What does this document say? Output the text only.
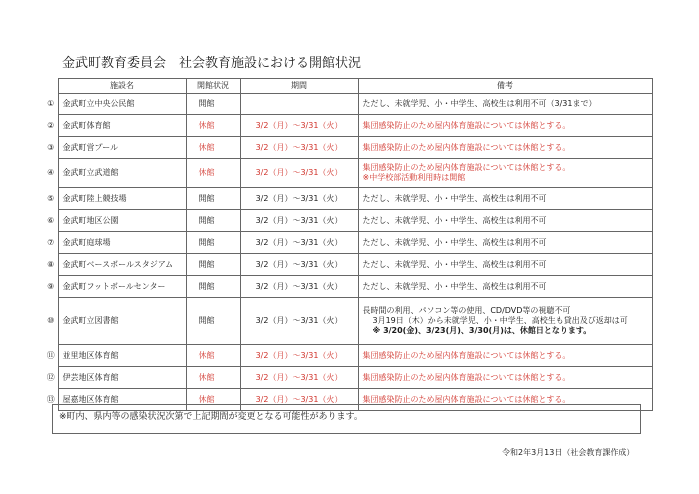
金武町教育委員会　社会教育施設における開館状況
	施設名	開館状況	期間	備考
①	金武町立中央公民館	開館		ただし、未就学児、小・中学生、高校生は利用不可（3/31まで）

②	金武町体育館	休館	3/2（月）～3/31（火）	集団感染防止のため屋内体育施設については休館とする。

③	金武町営プール	休館	3/2（月）～3/31（火）	集団感染防止のため屋内体育施設については休館とする。

④	金武町立武道館	休館	3/2（月）～3/31（火）	集団感染防止のため屋内体育施設については休館とする。
※中学校部活動利用時は開館

⑤	金武町陸上競技場	開館	3/2（月）～3/31（火）	ただし、未就学児、小・中学生、高校生は利用不可

⑥	金武町地区公園	開館	3/2（月）～3/31（火）	ただし、未就学児、小・中学生、高校生は利用不可

⑦	金武町庭球場	開館	3/2（月）～3/31（火）	ただし、未就学児、小・中学生、高校生は利用不可

⑧	金武町ベースボールスタジアム	開館	3/2（月）～3/31（火）	ただし、未就学児、小・中学生、高校生は利用不可

⑨	金武町フットボールセンター	開館	3/2（月）～3/31（火）	ただし、未就学児、小・中学生、高校生は利用不可

⑩	金武町立図書館	開館	3/2（月）～3/31（火）	長時間の利用、パソコン等の使用、CD/DVD等の視聴不可
3月19日（木）から未就学児、小・中学生、高校生も貸出及び返却は可
※ 3/20(金)、3/23(月)、3/30(月)は、休館日となります。

⑪	並里地区体育館	休館	3/2（月）～3/31（火）	集団感染防止のため屋内体育施設については休館とする。

⑫	伊芸地区体育館	休館	3/2（月）～3/31（火）	集団感染防止のため屋内体育施設については休館とする。

⑬	屋嘉地区体育館	休館	3/2（月）～3/31（火）	集団感染防止のため屋内体育施設については休館とする。
※町内、県内等の感染状況次第で上記期間が変更となる可能性があります。
令和2年3月13日（社会教育課作成）
